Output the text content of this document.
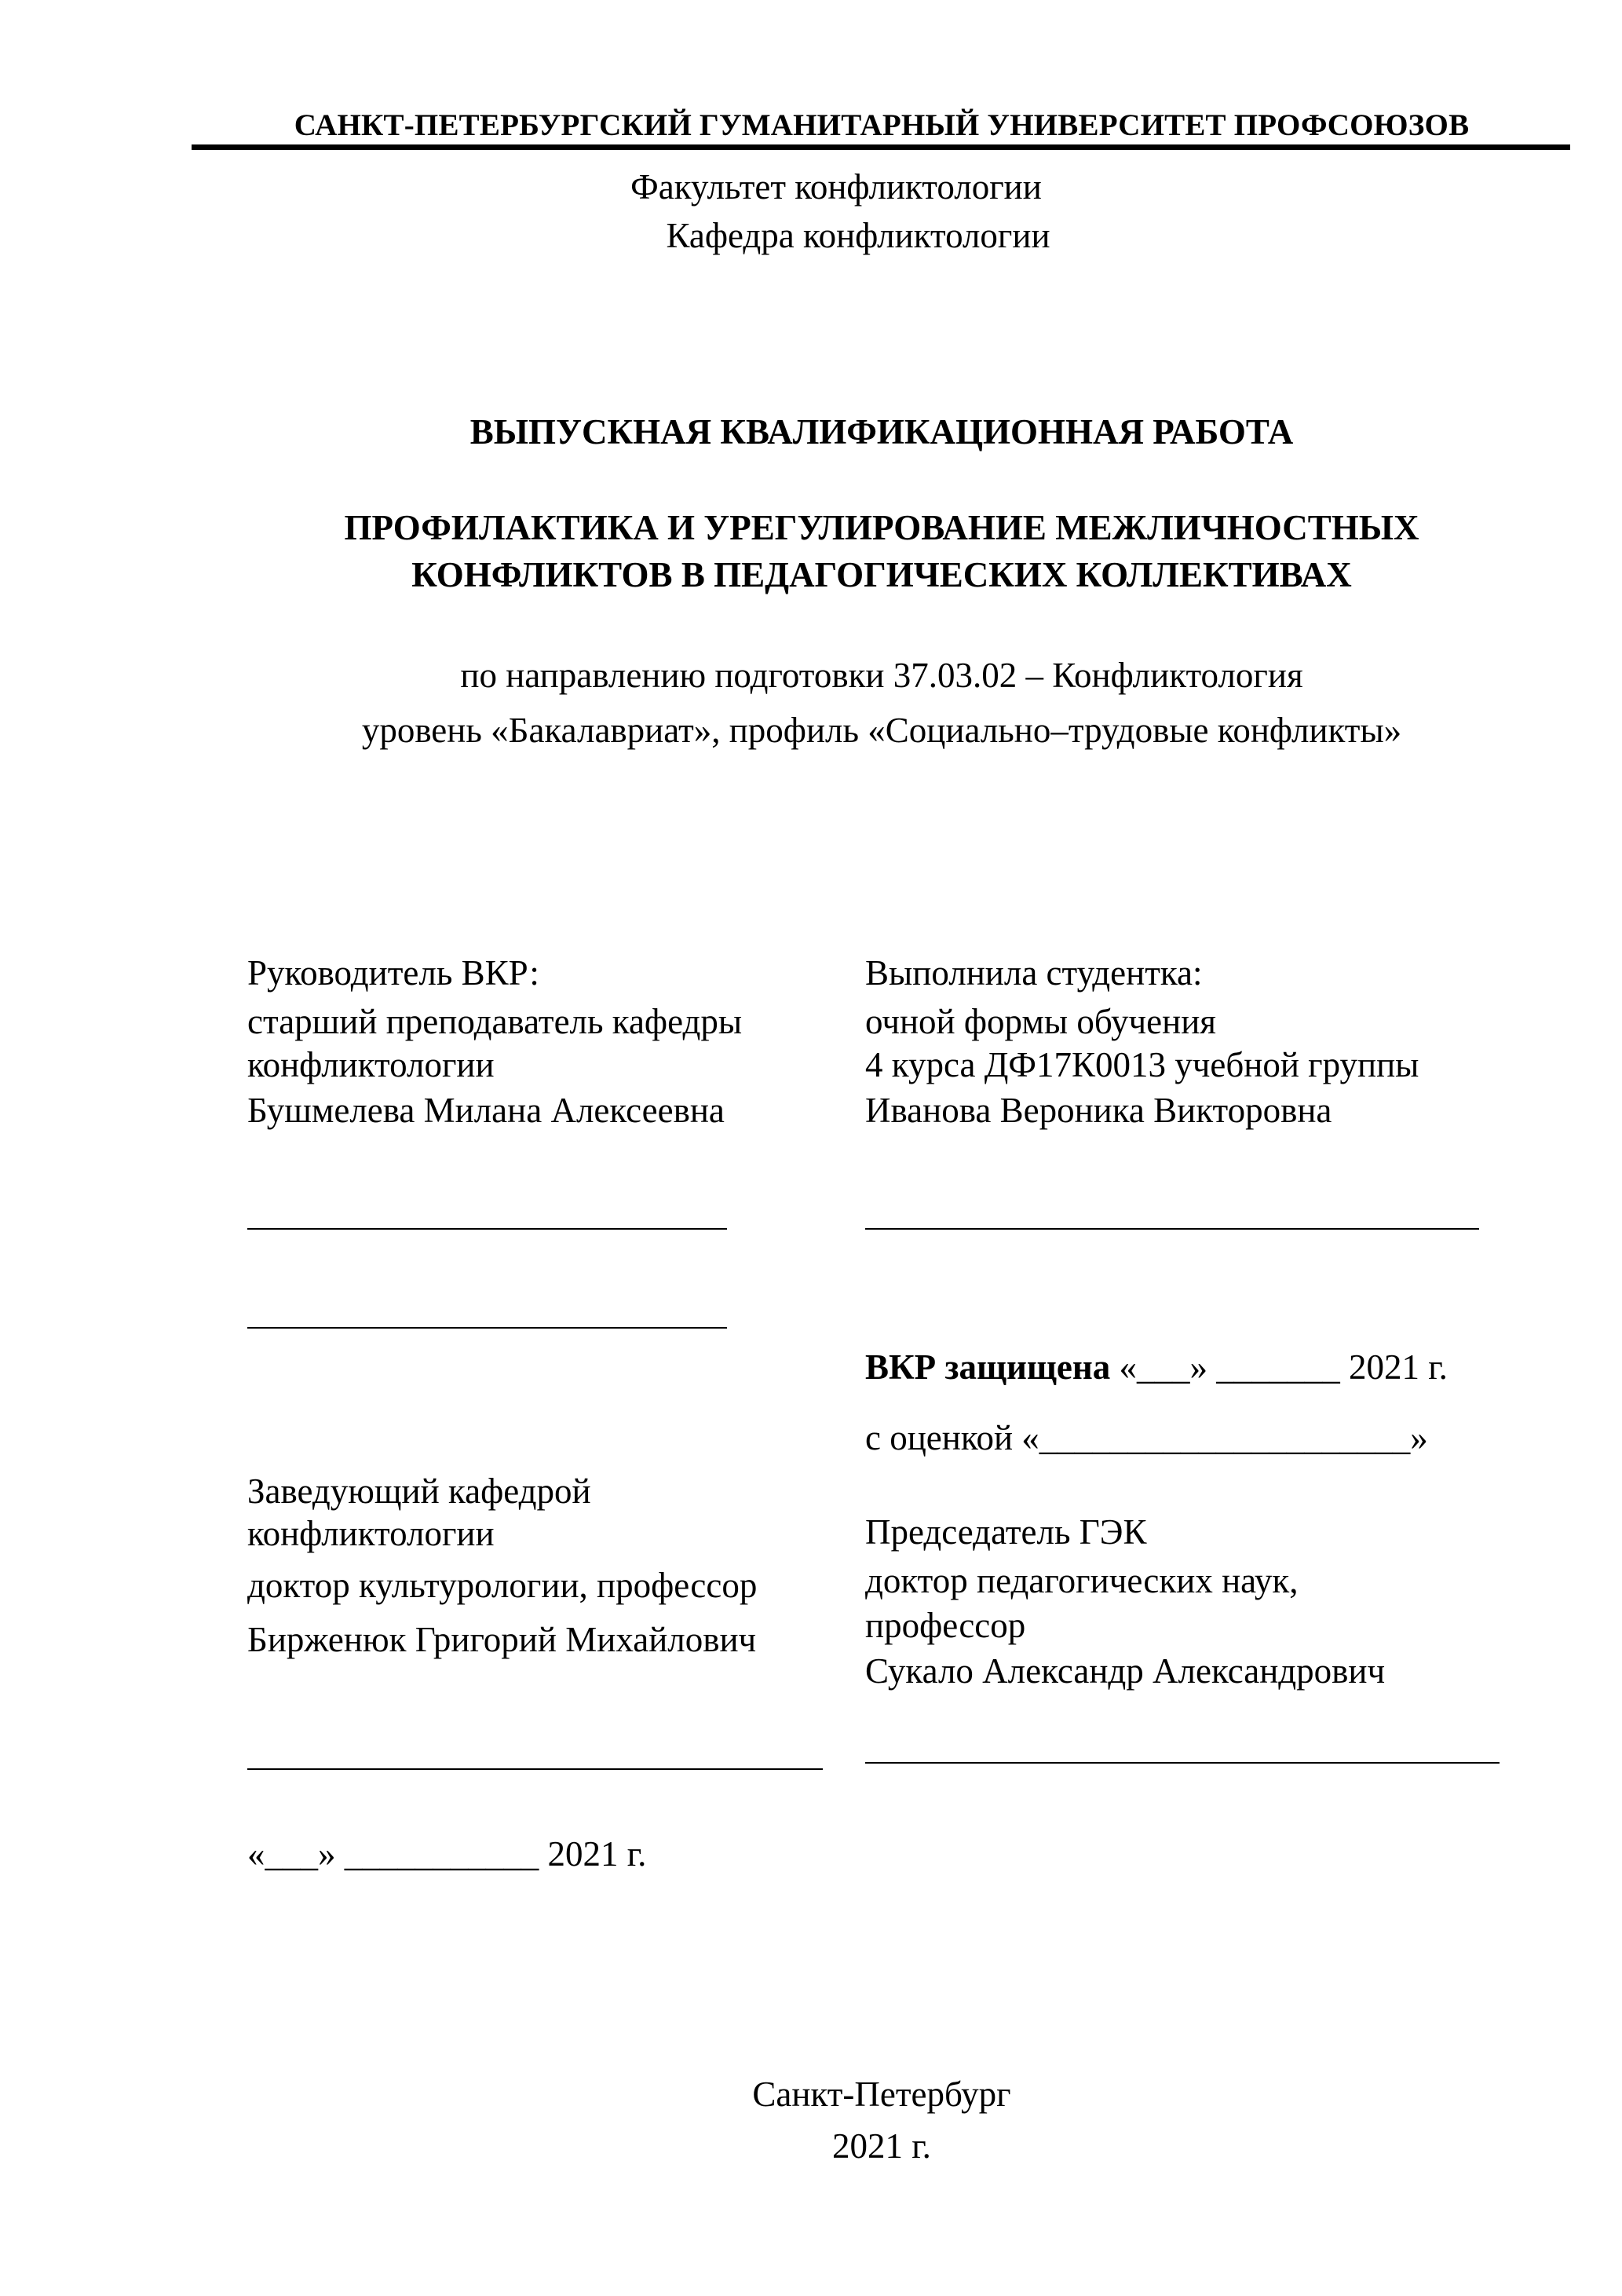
САНКТ-ПЕТЕРБУРГСКИЙ ГУМАНИТАРНЫЙ УНИВЕРСИТЕТ ПРОФСОЮЗОВ
Факультет конфликтологии
Кафедра конфликтологии
ВЫПУСКНАЯ КВАЛИФИКАЦИОННАЯ РАБОТА
ПРОФИЛАКТИКА И УРЕГУЛИРОВАНИЕ МЕЖЛИЧНОСТНЫХ
КОНФЛИКТОВ В ПЕДАГОГИЧЕСКИХ КОЛЛЕКТИВАХ
по направлению подготовки 37.03.02 – Конфликтология
уровень «Бакалавриат», профиль «Социально–трудовые конфликты»
Руководитель ВКР:
старший преподаватель кафедры
конфликтологии
Бушмелева Милана Алексеевна
Выполнила студентка:
очной формы обучения
4 курса ДФ17К0013 учебной группы
Иванова Вероника Викторовна
ВКР защищена «___» _______ 2021 г.
с оценкой «_____________________»
Заведующий кафедрой
конфликтологии
доктор культурологии, профессор
Бирженюк Григорий Михайлович
«___» ___________ 2021 г.
Председатель ГЭК
доктор педагогических наук,
профессор
Сукало Александр Александрович
Санкт-Петербург
2021 г.
